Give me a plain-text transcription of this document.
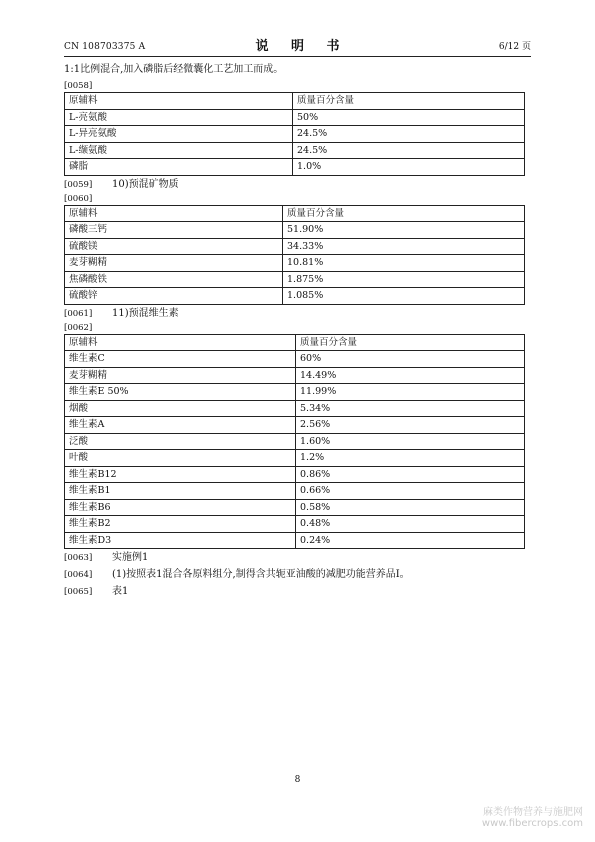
CN 108703375 A	说 明 书	6/12 页
1:1比例混合,加入磷脂后经微囊化工艺加工而成。
[0058]
原辅料	质量百分含量
L-亮氨酸	50%
L-异亮氨酸	24.5%
L-缬氨酸	24.5%
磷脂	1.0%
[0059] 10)预混矿物质
[0060]
原辅料	质量百分含量
磷酸三钙	51.90%
硫酸镁	34.33%
麦芽糊精	10.81%
焦磷酸铁	1.875%
硫酸锌	1.085%
[0061] 11)预混维生素
[0062]
原辅料	质量百分含量
维生素C	60%
麦芽糊精	14.49%
维生素E 50%	11.99%
烟酸	5.34%
维生素A	2.56%
泛酸	1.60%
叶酸	1.2%
维生素B12	0.86%
维生素B1	0.66%
维生素B6	0.58%
维生素B2	0.48%
维生素D3	0.24%
[0063] 实施例1
[0064] (1)按照表1混合各原料组分,制得含共轭亚油酸的减肥功能营养品I。
[0065] 表1
8
麻类作物营养与施肥网
www.fibercrops.com
